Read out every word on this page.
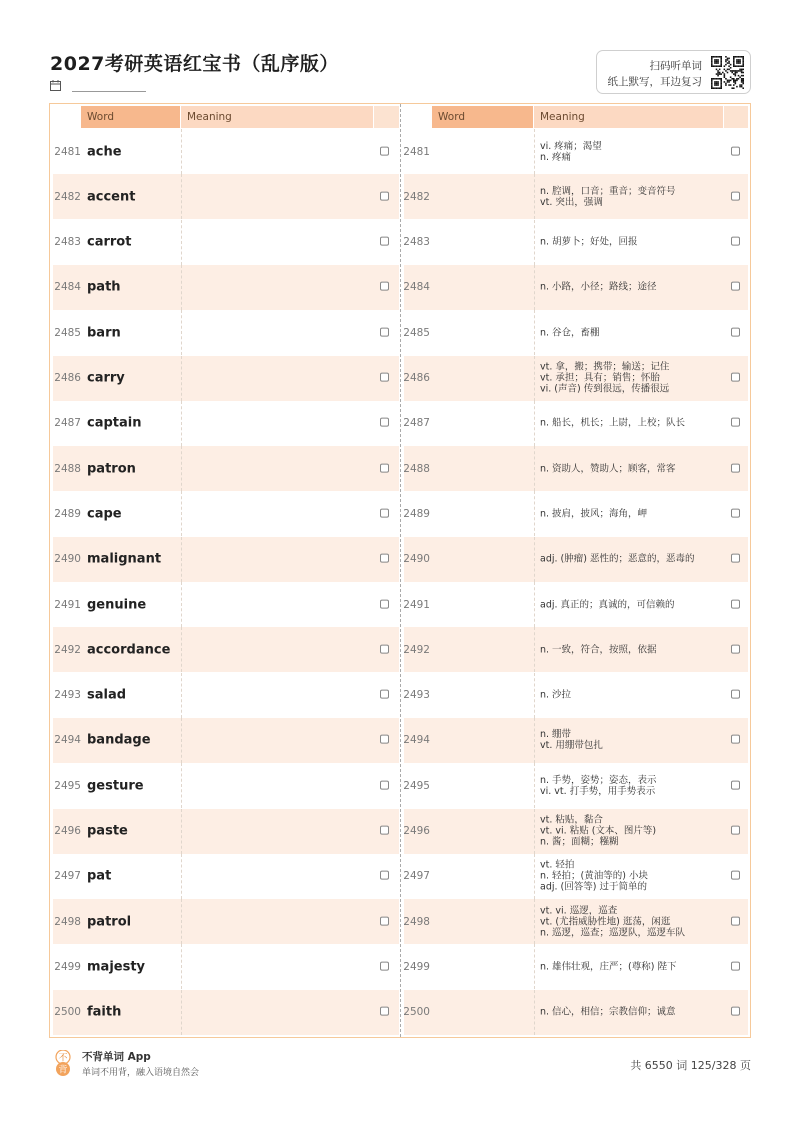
2027考研英语红宝书（乱序版）	扫码听单词
纸上默写，耳边复习
Word	Meaning
2481 ache
2482 accent
2483 carrot
2484 path
2485 barn
2486 carry
2487 captain
2488 patron
2489 cape
2490 malignant
2491 genuine
2492 accordance
2493 salad
2494 bandage
2495 gesture
2496 paste
2497 pat
2498 patrol
2499 majesty
2500 faith
Word	Meaning
2481	vi. 疼痛；渴望
n. 疼痛
2482	n. 腔调，口音；重音；变音符号
vt. 突出，强调
2483	n. 胡萝卜；好处，回报
2484	n. 小路，小径；路线；途径
2485	n. 谷仓，畜棚
2486
vt. 拿，搬；携带；输送；记住
vt. 承担；具有；销售；怀胎
vi. (声音) 传到很远，传播很远
2487	n. 船长，机长；上尉，上校；队长
2488	n. 资助人，赞助人；顾客，常客
2489	n. 披肩，披风；海角，岬
2490	adj. (肿瘤) 恶性的；恶意的，恶毒的
2491	adj. 真正的；真诚的，可信赖的
2492	n. 一致，符合，按照，依据
2493	n. 沙拉
2494	n. 绷带
vt. 用绷带包扎
2495	n. 手势，姿势；姿态，表示
vi. vt. 打手势，用手势表示
2496
vt. 粘贴，黏合
vt. vi. 粘贴 (文本、图片等)
n. 酱；面糊；糨糊
2497
vt. 轻拍
n. 轻拍；(黄油等的) 小块
adj. (回答等) 过于简单的
2498
vt. vi. 巡逻，巡查
vt. (尤指威胁性地) 逛荡，闲逛
n. 巡逻，巡查；巡逻队，巡逻车队
2499	n. 雄伟壮观，庄严；(尊称) 陛下
2500	n. 信心，相信；宗教信仰；诚意
不
背
不背单词 App
单词不用背，融入语境自然会
共 6550 词 125/328 页
